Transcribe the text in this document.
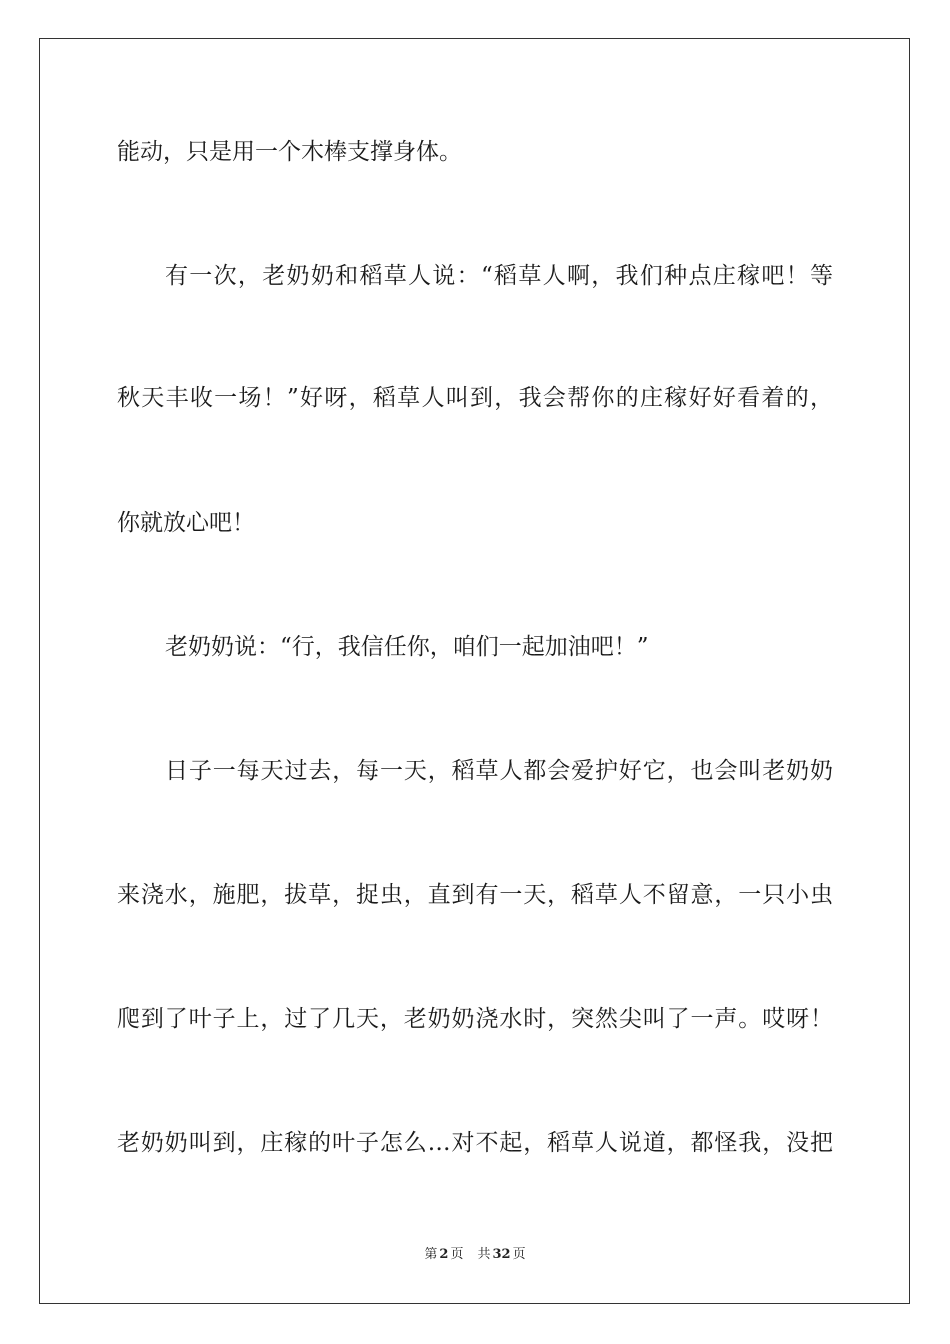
能动，只是用一个木棒支撑身体。
有一次，老奶奶和稻草人说：“稻草人啊，我们种点庄稼吧！等
秋天丰收一场！”好呀，稻草人叫到，我会帮你的庄稼好好看着的，
你就放心吧！
老奶奶说：“行，我信任你，咱们一起加油吧！”
日子一每天过去，每一天，稻草人都会爱护好它，也会叫老奶奶
来浇水，施肥，拔草，捉虫，直到有一天，稻草人不留意，一只小虫
爬到了叶子上，过了几天，老奶奶浇水时，突然尖叫了一声。哎呀！
老奶奶叫到，庄稼的叶子怎么…对不起，稻草人说道，都怪我，没把
第 2 页 共 32 页
